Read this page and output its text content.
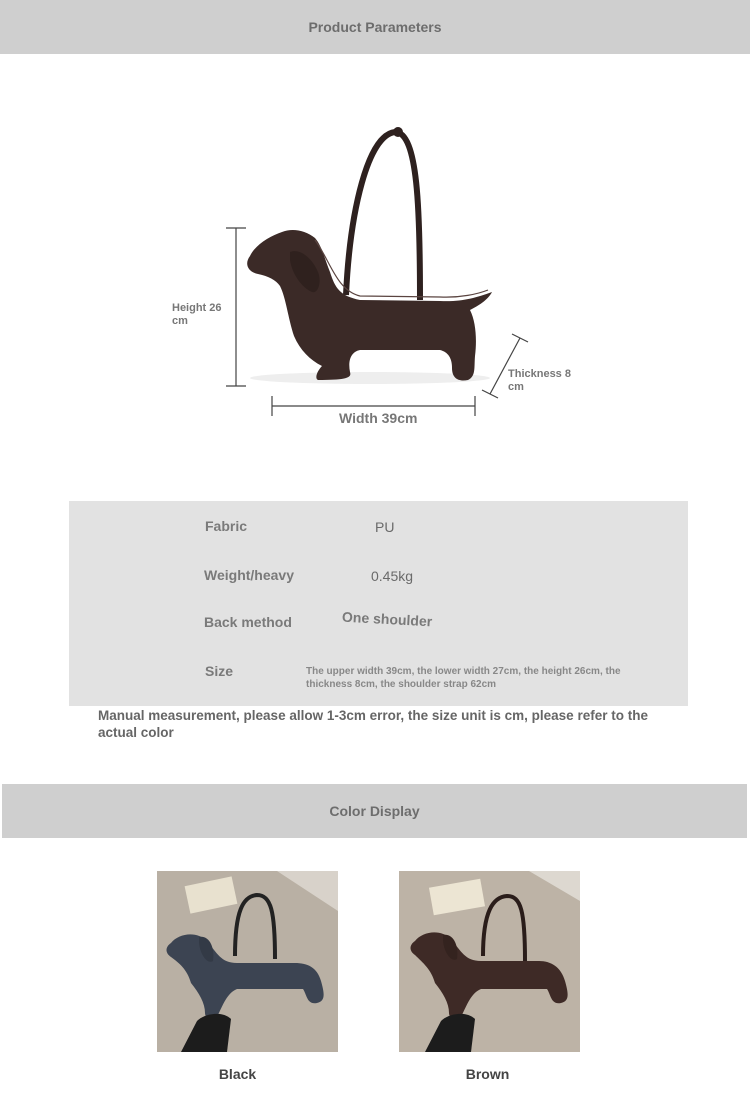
Product Parameters
Height 26 cm
Width 39cm
Thickness 8 cm
Fabric	PU
Weight/heavy	0.45kg
Back method	One shoulder
Size	The upper width 39cm, the lower width 27cm, the height 26cm, the thickness 8cm, the shoulder strap 62cm
Manual measurement, please allow 1-3cm error, the size unit is cm, please refer to the actual color
Color Display
Black	Brown
